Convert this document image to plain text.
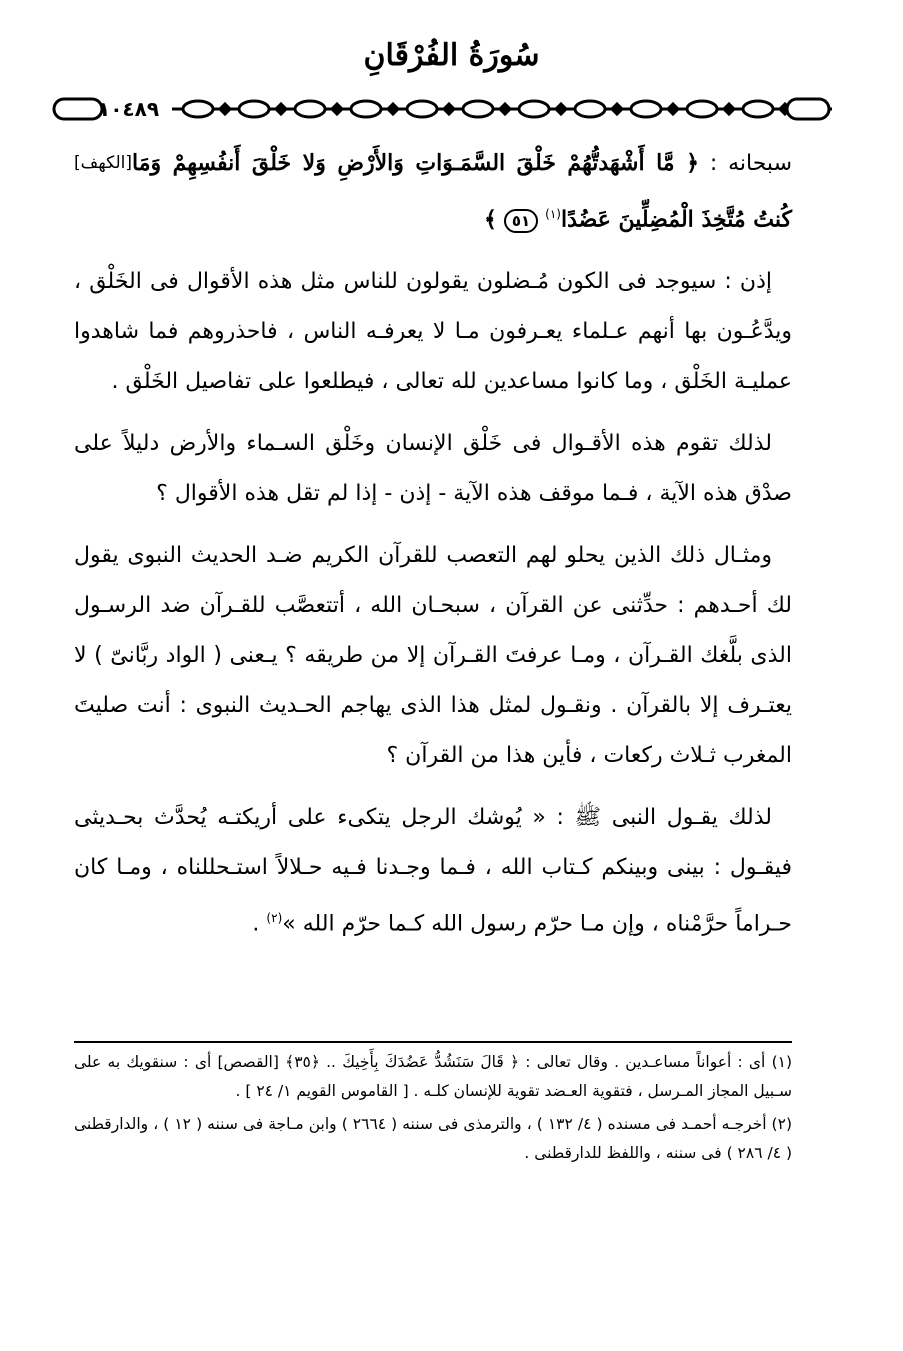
سُورَةُ الفُرْقَانِ
١٠٤٨٩

[الكهف]	سبحانه : ﴿ مَّا أَشْهَدتُّهُمْ خَلْقَ السَّمَـوَاتِ وَالأَرْضِ وَلا خَلْقَ أَنفُسِهِمْ وَمَا كُنتُ مُتَّخِذَ الْمُضِلِّينَ عَضُدًا$^{(١)}$ ٥١ ﴾

إذن : سيوجد فى الكون مُـضلون يقولون للناس مثل هذه الأقوال فى الخَلْق ، ويدَّعُـون بها أنهم عـلماء يعـرفون مـا لا يعرفـه الناس ، فاحذروهم فما شاهدوا عمليـة الخَلْق ، وما كانوا مساعدين لله تعالى ، فيطلعوا على تفاصيل الخَلْق .

لذلك تقوم هذه الأقـوال فى خَلْق الإنسان وخَلْق السـماء والأرض دليلاً على صدْق هذه الآية ، فـما موقف هذه الآية - إذن - إذا لم تقل هذه الأقوال ؟

ومثـال ذلك الذين يحلو لهم التعصب للقرآن الكريم ضـد الحديث النبوى يقول لك أحـدهم : حدِّثنى عن القرآن ، سبحـان الله ، أتتعصَّب للقـرآن ضد الرسـول الذى بلَّغك القـرآن ، ومـا عرفتَ القـرآن إلا من طريقه ؟ يـعنى ( الواد ربَّانىّ ) لا يعتـرف إلا بالقرآن . ونقـول لمثل هذا الذى يهاجم الحـديث النبوى : أنت صليتَ المغرب ثـلاث ركعات ، فأين هذا من القرآن ؟

لذلك يقـول النبى ﷺ : « يُوشك الرجل يتكىء على أريكتـه يُحدَّث بحـديثى فيقـول : بينى وبينكم كـتاب الله ، فـما وجـدنا فـيه حـلالاً استـحللناه ، ومـا كان حـراماً حرَّمْناه ، وإن مـا حرّم رسول الله كـما حرّم الله »$^{(٢)}$ .

(١) أى : أعواناً مساعـدين . وقال تعالى : ﴿ قَالَ سَنَشُدُّ عَضُدَكَ بِأَخِيكَ .. ﴿٣٥﴾ [القصص] أى : سنقويك به على سـبيل المجاز المـرسل ، فتقوية العـضد تقوية للإنسان كلـه . [ القاموس القويم ١/ ٢٤ ] .

(٢) أخرجـه أحمـد فى مسنده ( ٤/ ١٣٢ ) ، والترمذى فى سننه ( ٢٦٦٤ ) وابن مـاجة فى سننه ( ١٢ ) ، والدارقطنى ( ٤/ ٢٨٦ ) فى سننه ، واللفظ للدارقطنى .
